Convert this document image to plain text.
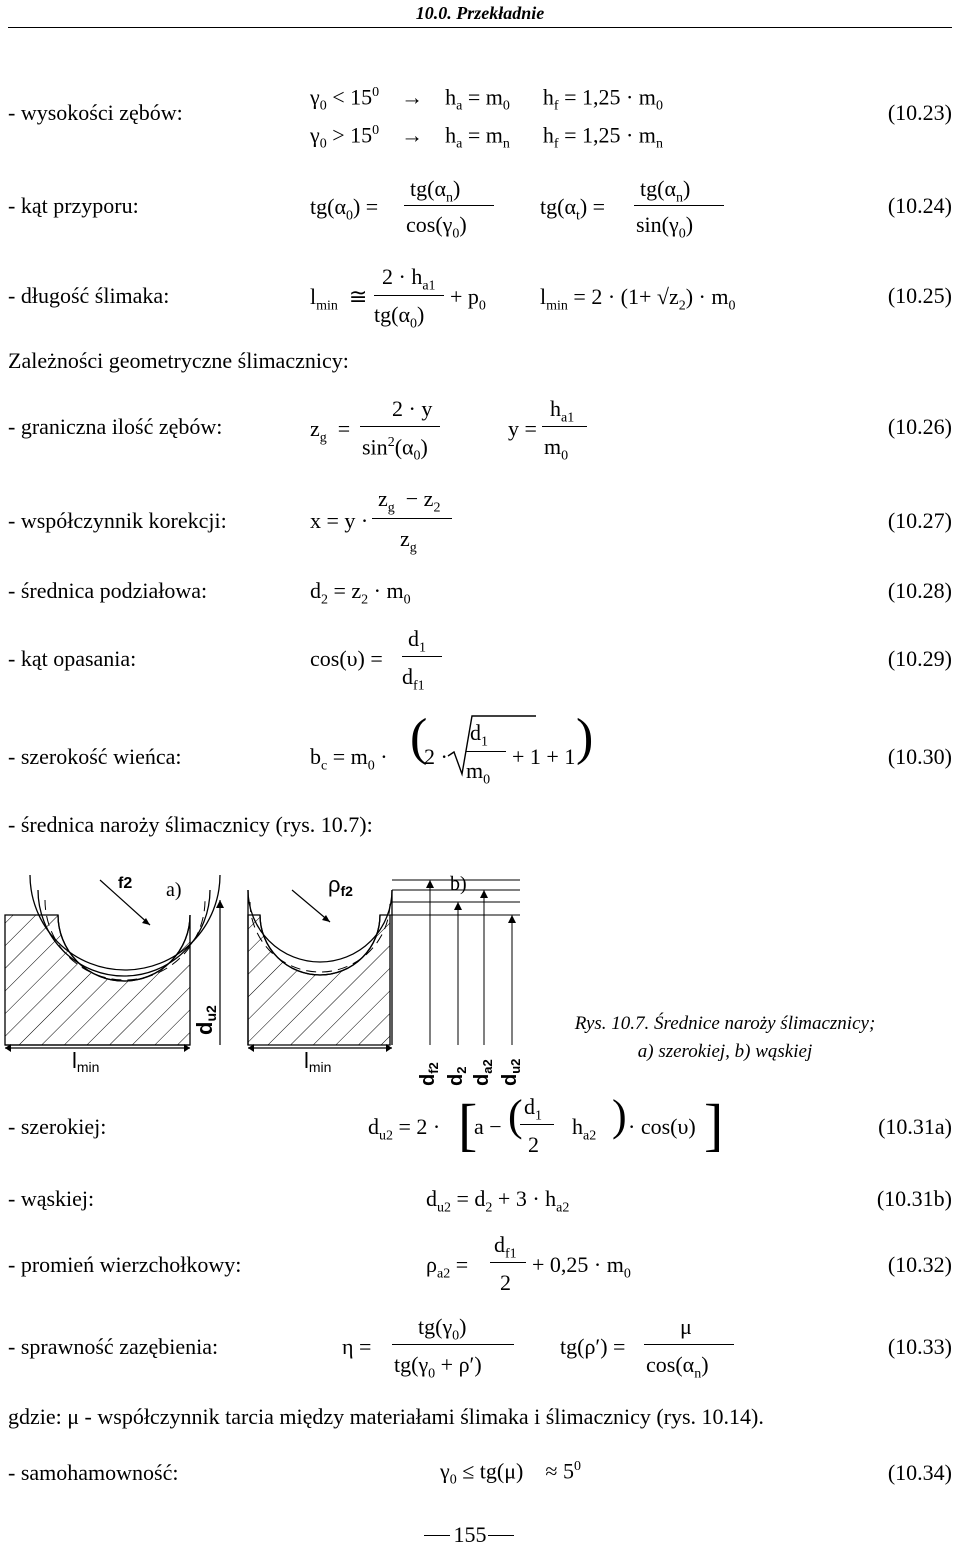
10.0. Przekładnie
- wysokości zębów:
$\gamma_0 < 15^0$    →    $h_a = m_0$      $h_f = 1,25 \cdot m_0$
$\gamma_0 > 15^0$    →    $h_a = m_n$      $h_f = 1,25 \cdot m_n$
(10.23)
- kąt przyporu:	$tg(\alpha_0)$ =
$tg(\alpha_n)$
$\cos(\gamma_0)$
$tg(\alpha_t)$ =
$tg(\alpha_n)$
$\sin(\gamma_0)$
(10.24)
- długość ślimaka:	$l_{min}$  ≅
$2 \cdot h_{a1}$
$tg(\alpha_0)$
+ $p_0$ $l_{min} = 2 \cdot (1+ √z_2) \cdot m_0$	(10.25)
Zależności geometryczne ślimacznicy:
- graniczna ilość zębów:	$z_g$  =
2 · y
$\sin^2(\alpha_0)$
y =
$h_{a1}$
$m_0$
(10.26)
- współczynnik korekcji:	x = y ·
$z_g - z_2$
$z_g$
(10.27)
- średnica podziałowa:	$d_2 = z_2 \cdot m_0$	(10.28)
- kąt opasania:	cos(υ) =
$d_1$
$d_{f1}$
(10.29)
- szerokość wieńca:	$b_c = m_0$ · (
2 ·
$d_1$
$m_0$
+ 1 + 1 )	(10.30)
- średnica naroży ślimacznicy (rys. 10.7):
f2 a)
lmin
du2
ρf2	b)
lmin
$d_{f2}$
$d_2$
$d_{a2}$
$d_{u2}$
Rys. 10.7. Średnice naroży ślimacznicy;
a) szerokiej, b) wąskiej
- szerokiej:	$d_{u2} = 2$ · [
a − ( $d_1$
2
$h_{a2}$ ) · cos(υ) ]	(10.31a)
- wąskiej:	$d_{u2} = d_2 + 3 \cdot h_{a2}$	(10.31b)
- promień wierzchołkowy:	$\rho_{a2}$ =
$d_{f1}$
2
+ $0,25 \cdot m_0$	(10.32)
- sprawność zazębienia:	η =
$tg(\gamma_0)$
$tg(\gamma_0 + \rho')$
tg(ρ′) =
μ
$\cos(\alpha_n)$
(10.33)
gdzie: μ - współczynnik tarcia między materiałami ślimaka i ślimacznicy (rys. 10.14).
- samohamowność:	$\gamma_0 \le tg(\mu)$    ≈ $5^0$	(10.34)
155
